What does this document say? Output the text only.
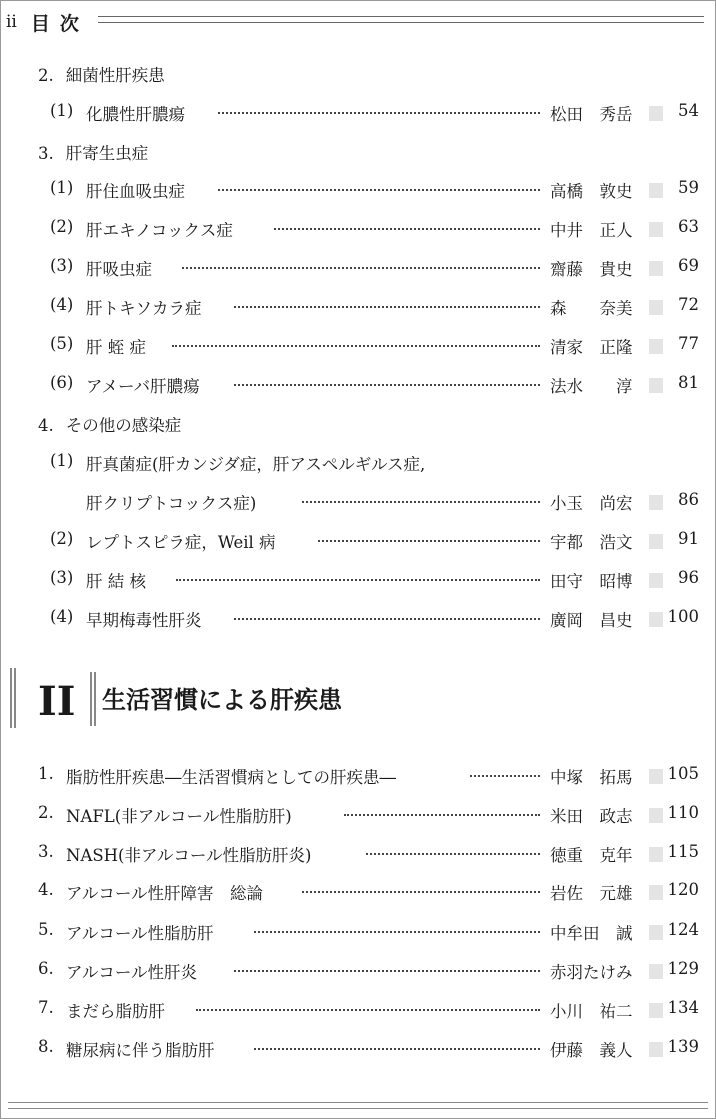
ii 目次
2. 細菌性肝疾患
(1) 化膿性肝膿瘍	松田　秀岳	54
3. 肝寄生虫症
(1) 肝住血吸虫症	高橋　敦史	59
(2) 肝エキノコックス症	中井　正人	63
(3) 肝吸虫症	齋藤　貴史	69
(4) 肝トキソカラ症	森　　奈美	72
(5) 肝 蛭 症	清家　正隆	77
(6) アメーバ肝膿瘍	法水　　淳	81
4. その他の感染症
(1) 肝真菌症(肝カンジダ症，肝アスペルギルス症,
肝クリプトコックス症)	小玉　尚宏	86
(2) レプトスピラ症，Weil 病	宇都　浩文	91
(3) 肝 結 核	田守　昭博	96
(4) 早期梅毒性肝炎	廣岡　昌史	100
II 生活習慣による肝疾患
1. 脂肪性肝疾患―生活習慣病としての肝疾患―	中塚　拓馬	105
2. NAFL(非アルコール性脂肪肝)	米田　政志	110
3. NASH(非アルコール性脂肪肝炎)	徳重　克年	115
4. アルコール性肝障害　総論	岩佐　元雄	120
5. アルコール性脂肪肝	中牟田　誠	124
6. アルコール性肝炎	赤羽たけみ	129
7. まだら脂肪肝	小川　祐二	134
8. 糖尿病に伴う脂肪肝	伊藤　義人	139
